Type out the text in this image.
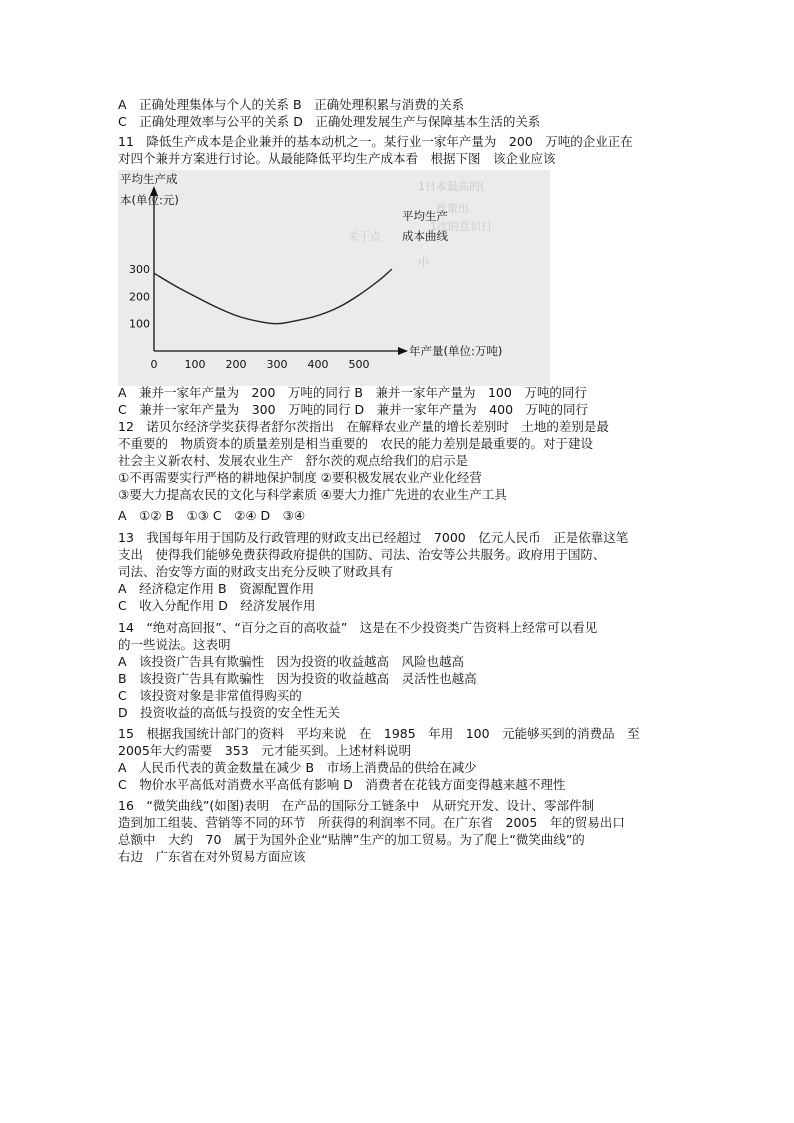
A　正确处理集体与个人的关系 B　正确处理积累与消费的关系
C　正确处理效率与公平的关系 D　正确处理发展生产与保障基本生活的关系
11　降低生产成本是企业兼并的基本动机之一。某行业一家年产量为　200　万吨的企业正在
对四个兼并方案进行讨论。从最能降低平均生产成本看　根据下图　该企业应该
1日本最高的(
政策出
1次的意识日
关于点
中
平均生产成
本(单位:元)
年产量(单位:万吨)
平均生产
成本曲线
0 100 200 300 400 500
100
200
300
A　兼并一家年产量为　200　万吨的同行 B　兼并一家年产量为　100　万吨的同行
C　兼并一家年产量为　300　万吨的同行 D　兼并一家年产量为　400　万吨的同行
12　诺贝尔经济学奖获得者舒尔茨指出　在解释农业产量的增长差别时　土地的差别是最
不重要的　物质资本的质量差别是相当重要的　农民的能力差别是最重要的。对于建设
社会主义新农村、发展农业生产　舒尔茨的观点给我们的启示是
①不再需要实行严格的耕地保护制度 ②要积极发展农业产业化经营
③要大力提高农民的文化与科学素质 ④要大力推广先进的农业生产工具
A　①② B　①③ C　②④ D　③④
13　我国每年用于国防及行政管理的财政支出已经超过　7000　亿元人民币　正是依靠这笔
支出　使得我们能够免费获得政府提供的国防、司法、治安等公共服务。政府用于国防、
司法、治安等方面的财政支出充分反映了财政具有
A　经济稳定作用 B　资源配置作用
C　收入分配作用 D　经济发展作用
14　“绝对高回报”、“百分之百的高收益”　这是在不少投资类广告资料上经常可以看见
的一些说法。这表明
A　该投资广告具有欺骗性　因为投资的收益越高　风险也越高
B　该投资广告具有欺骗性　因为投资的收益越高　灵活性也越高
C　该投资对象是非常值得购买的
D　投资收益的高低与投资的安全性无关
15　根据我国统计部门的资料　平均来说　在　1985　年用　100　元能够买到的消费品　至
2005年大约需要　353　元才能买到。上述材料说明
A　人民币代表的黄金数量在减少 B　市场上消费品的供给在减少
C　物价水平高低对消费水平高低有影响 D　消费者在花钱方面变得越来越不理性
16　“微笑曲线”(如图)表明　在产品的国际分工链条中　从研究开发、设计、零部件制
造到加工组装、营销等不同的环节　所获得的利润率不同。在广东省　2005　年的贸易出口
总额中　大约　70　属于为国外企业“贴牌”生产的加工贸易。为了爬上“微笑曲线”的
右边　广东省在对外贸易方面应该
